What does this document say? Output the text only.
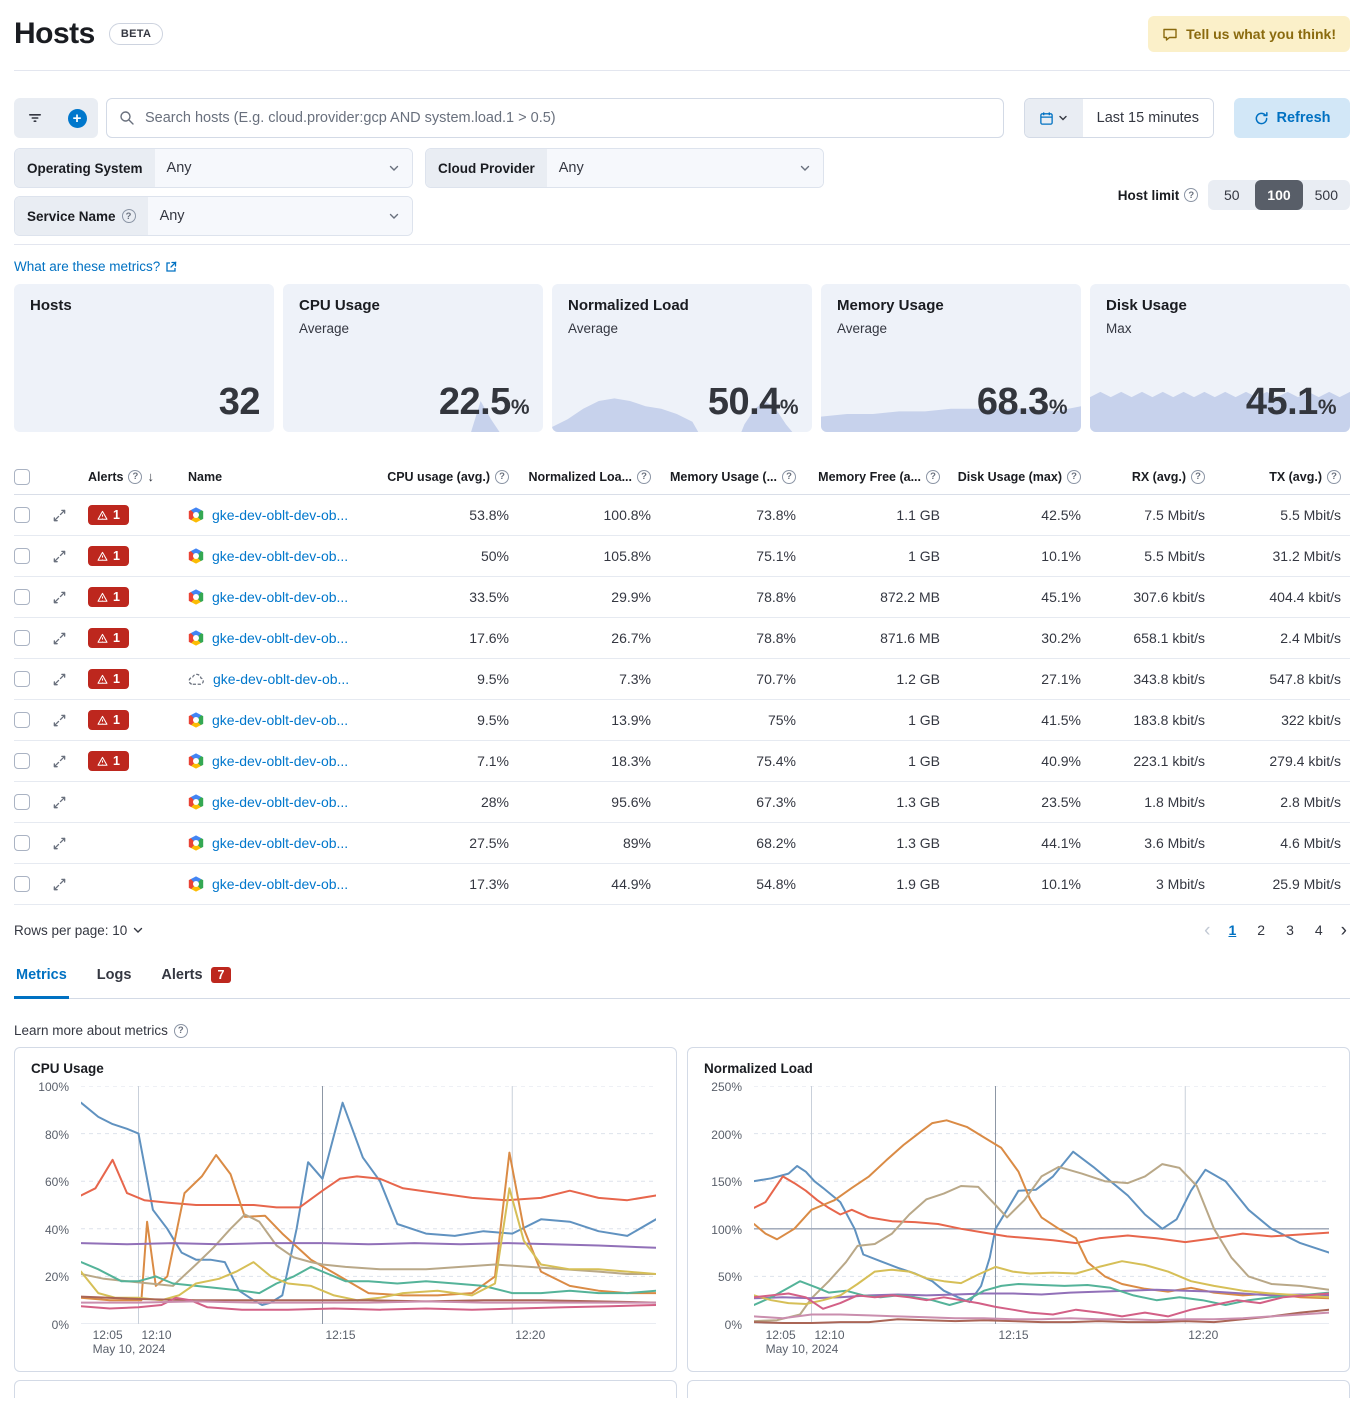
Hosts	BETA	Tell us what you think!
+
Search hosts (E.g. cloud.provider:gcp AND system.load.1 > 0.5)	Last 15 minutes	Refresh
Operating System	Any	Cloud Provider	Any
Service Name	? Any
Host limit ?	50	100	500
What are these metrics?
Hosts
32
CPU Usage
Average
22.5%
Normalized Load
Average
50.4%
Memory Usage
Average
68.3%
Disk Usage
Max
45.1%
Alerts ? ↓	Name	CPU usage (avg.) ?	Normalized Loa... ?	Memory Usage (... ?	Memory Free (a... ?	Disk Usage (max) ?	RX (avg.) ?	TX (avg.) ?
1	gke-dev-oblt-dev-ob...	53.8%	100.8%	73.8%	1.1 GB	42.5%	7.5 Mbit/s	5.5 Mbit/s
1	gke-dev-oblt-dev-ob...	50%	105.8%	75.1%	1 GB	10.1%	5.5 Mbit/s	31.2 Mbit/s
1	gke-dev-oblt-dev-ob...	33.5%	29.9%	78.8%	872.2 MB	45.1%	307.6 kbit/s	404.4 kbit/s
1	gke-dev-oblt-dev-ob...	17.6%	26.7%	78.8%	871.6 MB	30.2%	658.1 kbit/s	2.4 Mbit/s
1	gke-dev-oblt-dev-ob...	9.5%	7.3%	70.7%	1.2 GB	27.1%	343.8 kbit/s	547.8 kbit/s
1	gke-dev-oblt-dev-ob...	9.5%	13.9%	75%	1 GB	41.5%	183.8 kbit/s	322 kbit/s
1	gke-dev-oblt-dev-ob...	7.1%	18.3%	75.4%	1 GB	40.9%	223.1 kbit/s	279.4 kbit/s
gke-dev-oblt-dev-ob...	28%	95.6%	67.3%	1.3 GB	23.5%	1.8 Mbit/s	2.8 Mbit/s
gke-dev-oblt-dev-ob...	27.5%	89%	68.2%	1.3 GB	44.1%	3.6 Mbit/s	4.6 Mbit/s
gke-dev-oblt-dev-ob...	17.3%	44.9%	54.8%	1.9 GB	10.1%	3 Mbit/s	25.9 Mbit/s
Rows per page: 10	‹	1	2	3	4 ›
Metrics Logs Alerts	7
Learn more about metrics	?
CPU Usage
0%
20%
40%
60%
80%
100%
12:05 12:10	12:15	12:20
May 10, 2024
Normalized Load
0%
50%
100%
150%
200%
250%
12:05 12:10	12:15	12:20
May 10, 2024
